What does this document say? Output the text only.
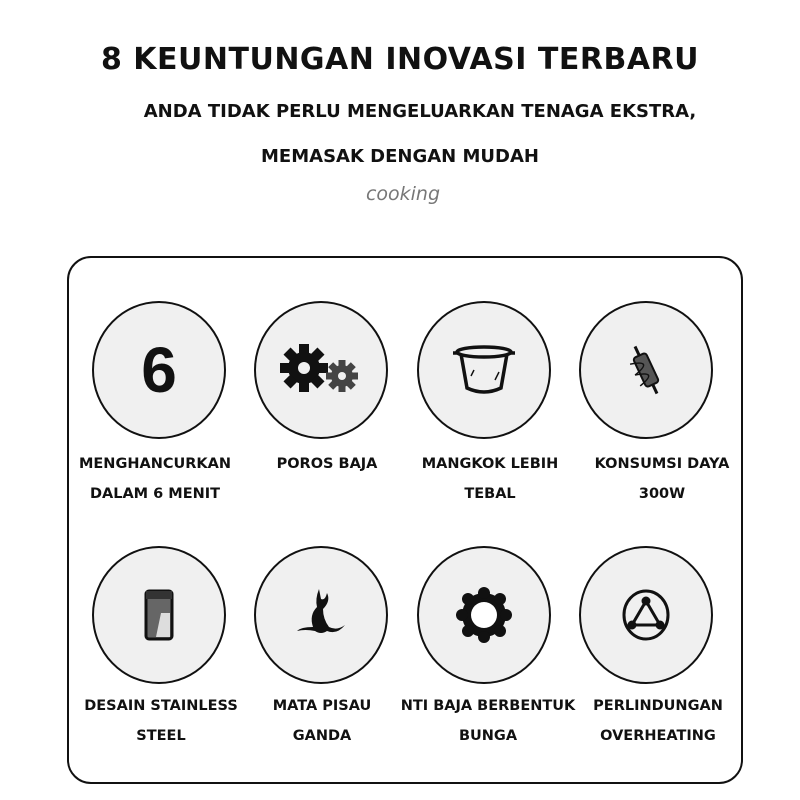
8 KEUNTUNGAN INOVASI TERBARU
ANDA TIDAK PERLU MENGELUARKAN TENAGA EKSTRA,
MEMASAK DENGAN MUDAH
cooking
6
MENGHANCURKAN
DALAM 6 MENIT
POROS BAJA	MANGKOK LEBIH
TEBAL
KONSUMSI DAYA
300W
DESAIN STAINLESS
STEEL
MATA PISAU
GANDA
NTI BAJA BERBENTUK
BUNGA
PERLINDUNGAN
OVERHEATING
